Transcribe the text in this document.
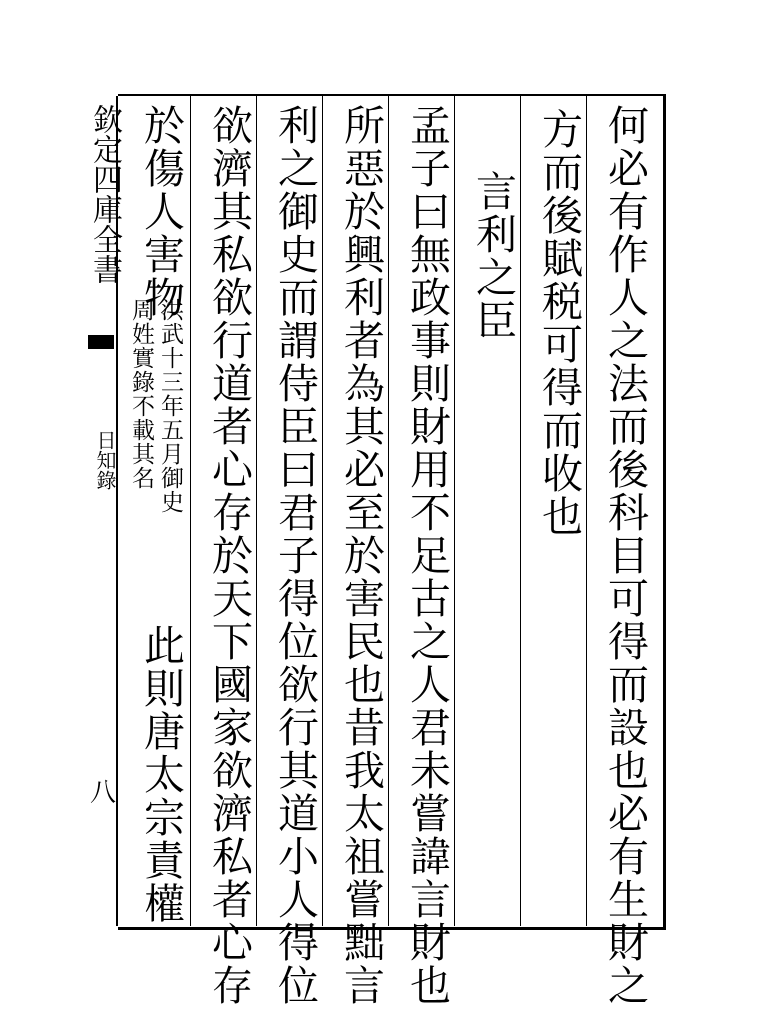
欽定四庫全書
日知錄
八	何必有作人之法而後科目可得而設也必有生財之
方而後賦税可得而收也
言利之臣
孟子曰無政事則財用不足古之人君未嘗諱言財也
所惡於興利者為其必至於害民也昔我太祖嘗黜言
利之御史而謂侍臣曰君子得位欲行其道小人得位
欲濟其私欲行道者心存於天下國家欲濟私者心存
於傷人害物
洪武十三年五月御史
周姓實錄不載其名
此則唐太宗責權
